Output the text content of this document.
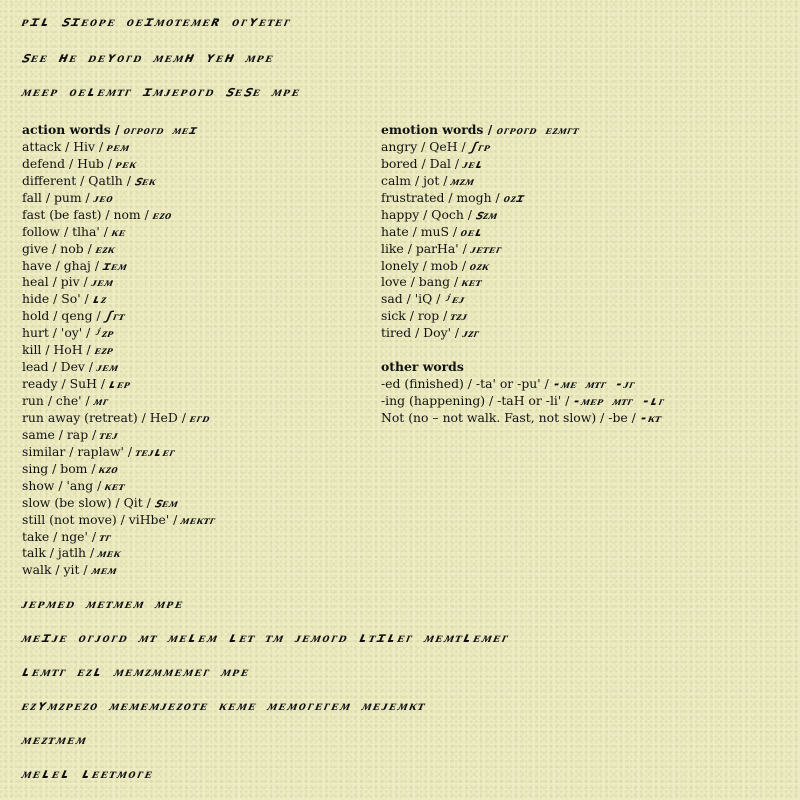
ᴘɪʟ ꜱɪᴇᴏᴘᴇ ᴏᴇɪᴍᴏᴛᴇᴍᴇʀ ᴏᴦʏᴇᴛᴇᴦ
ꜱᴇᴇ ʜᴇ ᴅᴇʏᴏᴦᴅ ᴍᴇᴍʜ ʏᴇʜ ᴍᴘᴇ
ᴍᴇᴇᴘ ᴏᴇʟᴇᴍᴛᴦ ɪᴍᴊᴇᴘᴏᴦᴅ ꜱᴇꜱᴇ ᴍᴘᴇ
action words / ᴏᴦᴘᴏᴦᴅ ᴍᴇɪ
attack / Hiv / ᴘᴇᴍ
defend / Hub / ᴘᴇᴋ
different / Qatlh / ꜱᴇᴋ
fall / pum / ᴊᴇᴏ
fast (be fast) / nom / ᴇᴢᴏ
follow / tlha' / ᴋᴇ
give / nob / ᴇᴢᴋ
have / ghaj / ɪᴇᴍ
heal / piv / ᴊᴇᴍ
hide / So' / ʟᴢ
hold / qeng / ʃᴦᴛ
hurt / 'oy' / ʲᴢᴘ
kill / HoH / ᴇᴢᴘ
lead / Dev / ᴊᴇᴍ
ready / SuH / ʟᴇᴘ
run / che' / ᴍᴦ
run away (retreat) / HeD / ᴇᴦᴅ
same / rap / ᴛᴇᴊ
similar / raplaw' / ᴛᴇᴊʟᴇᴦ
sing / bom / ᴋᴢᴏ
show / 'ang / ᴋᴇᴛ
slow (be slow) / Qit / ꜱᴇᴍ
still (not move) / viHbe' / ᴍᴇᴋᴛᴦ
take / nge' / ᴛᴦ
talk / jatlh / ᴍᴇᴋ
walk / yit / ᴍᴇᴍ
emotion words / ᴏᴦᴘᴏᴦᴅ ᴇᴢᴍᴦᴛ
angry / QeH / ʃᴦᴘ
bored / Dal / ᴊᴇʟ
calm / jot / ᴍᴢᴍ
frustrated / mogh / ᴏᴢɪ
happy / Qoch / ꜱᴢᴍ
hate / muS / ᴏᴇʟ
like / parHa' / ᴊᴇᴛᴇᴦ
lonely / mob / ᴏᴢᴋ
love / bang / ᴋᴇᴛ
sad / 'iQ / ʲᴇᴊ
sick / rop / ᴛᴢᴊ
tired / Doy' / ᴊᴢᴦ
other words
-ed (finished) / -ta' or -pu' / -ᴍᴇ ᴍᴛᴦ -ᴊᴦ
-ing (happening) / -taH or -li' / -ᴍᴇᴘ ᴍᴛᴦ -ʟᴦ
Not (no – not walk. Fast, not slow) / -be / -ᴋᴛ
ᴊᴇᴘᴍᴇᴅ ᴍᴇᴛᴍᴇᴍ ᴍᴘᴇ
ᴍᴇɪᴊᴇ ᴏᴦᴊᴏᴦᴅ ᴍᴛ ᴍᴇʟᴇᴍ ʟᴇᴛ ᴛᴍ ᴊᴇᴍᴏᴦᴅ ʟᴛɪʟᴇᴦ ᴍᴇᴍᴛʟᴇᴍᴇᴦ
ʟᴇᴍᴛᴦ ᴇᴢʟ ᴍᴇᴍᴢᴍᴍᴇᴍᴇᴦ ᴍᴘᴇ
ᴇᴢʏᴍᴢᴘᴇᴢᴏ ᴍᴇᴍᴇᴍᴊᴇᴢᴏᴛᴇ ᴋᴇᴍᴇ ᴍᴇᴍᴏᴦᴇᴦᴇᴍ ᴍᴇᴊᴇᴍᴋᴛ
ᴍᴇᴢᴛᴍᴇᴍ
ᴍᴇʟᴇʟ ʟᴇᴇᴛᴍᴏᴦᴇ
